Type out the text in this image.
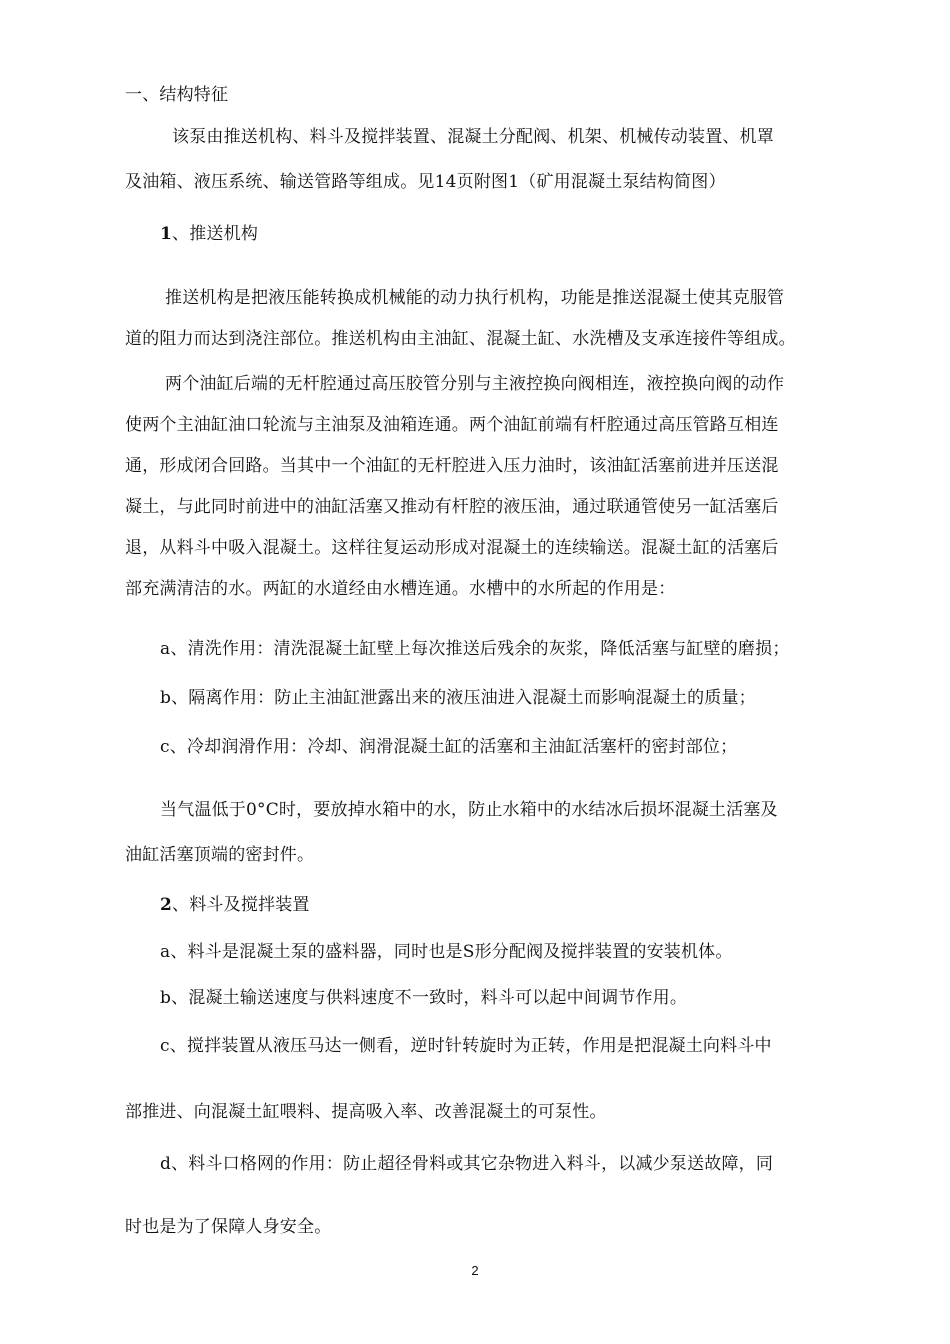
一、结构特征
该泵由推送机构、料斗及搅拌装置、混凝土分配阀、机架、机械传动装置、机罩
及油箱、液压系统、输送管路等组成。见14页附图1（矿用混凝土泵结构简图）
1、推送机构
推送机构是把液压能转换成机械能的动力执行机构，功能是推送混凝土使其克服管
道的阻力而达到浇注部位。推送机构由主油缸、混凝土缸、水洗槽及支承连接件等组成。
两个油缸后端的无杆腔通过高压胶管分别与主液控换向阀相连，液控换向阀的动作
使两个主油缸油口轮流与主油泵及油箱连通。两个油缸前端有杆腔通过高压管路互相连
通，形成闭合回路。当其中一个油缸的无杆腔进入压力油时，该油缸活塞前进并压送混
凝土，与此同时前进中的油缸活塞又推动有杆腔的液压油，通过联通管使另一缸活塞后
退，从料斗中吸入混凝土。这样往复运动形成对混凝土的连续输送。混凝土缸的活塞后
部充满清洁的水。两缸的水道经由水槽连通。水槽中的水所起的作用是：
a、清洗作用：清洗混凝土缸壁上每次推送后残余的灰浆，降低活塞与缸壁的磨损；
b、隔离作用：防止主油缸泄露出来的液压油进入混凝土而影响混凝土的质量；
c、冷却润滑作用：冷却、润滑混凝土缸的活塞和主油缸活塞杆的密封部位；
当气温低于0°C时，要放掉水箱中的水，防止水箱中的水结冰后损坏混凝土活塞及
油缸活塞顶端的密封件。
2、料斗及搅拌装置
a、料斗是混凝土泵的盛料器，同时也是S形分配阀及搅拌装置的安装机体。
b、混凝土输送速度与供料速度不一致时，料斗可以起中间调节作用。
c、搅拌装置从液压马达一侧看，逆时针转旋时为正转，作用是把混凝土向料斗中
部推进、向混凝土缸喂料、提高吸入率、改善混凝土的可泵性。
d、料斗口格网的作用：防止超径骨料或其它杂物进入料斗，以减少泵送故障，同
时也是为了保障人身安全。
2
